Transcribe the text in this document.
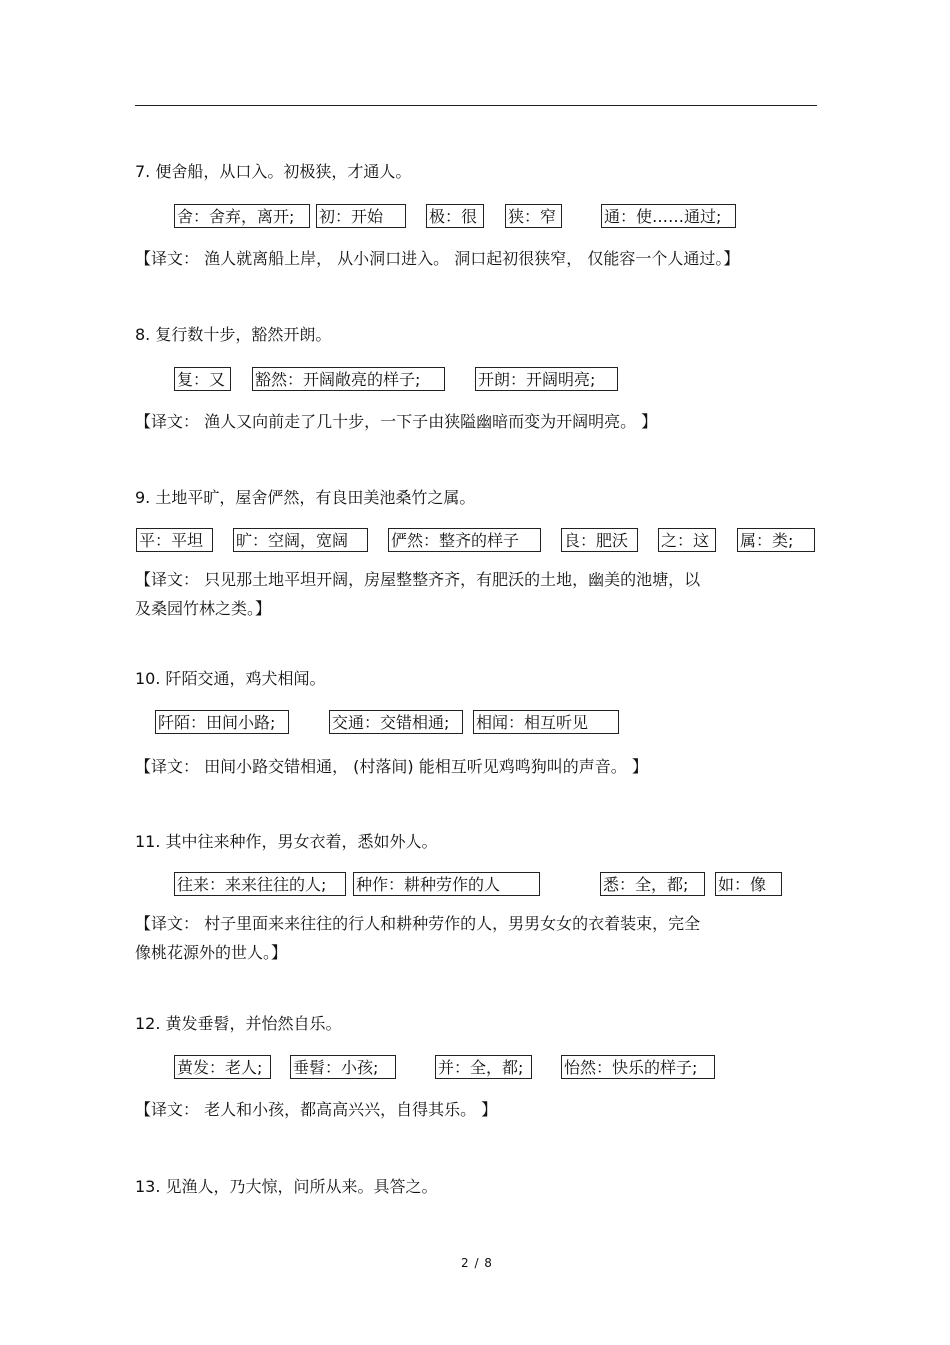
7. 便舍船，从口入。初极狭，才通人。
舍：舍弃，离开;	初：开始	极：很	狭：窄	通：使……通过;
【译文： 渔人就离船上岸， 从小洞口进入。 洞口起初很狭窄， 仅能容一个人通过。】
8. 复行数十步，豁然开朗。
复：又	豁然：开阔敞亮的样子;	开朗：开阔明亮;
【译文： 渔人又向前走了几十步，一下子由狭隘幽暗而变为开阔明亮。 】
9. 土地平旷，屋舍俨然，有良田美池桑竹之属。
平：平坦	旷：空阔，宽阔	俨然：整齐的样子	良：肥沃	之：这	属：类;
【译文： 只见那土地平坦开阔，房屋整整齐齐，有肥沃的土地，幽美的池塘，以
及桑园竹林之类。】
10. 阡陌交通，鸡犬相闻。
阡陌：田间小路;	交通：交错相通;	相闻：相互听见
【译文： 田间小路交错相通， (村落间) 能相互听见鸡鸣狗叫的声音。 】
11. 其中往来种作，男女衣着，悉如外人。
往来：来来往往的人;	种作：耕种劳作的人	悉：全，都;	如：像
【译文： 村子里面来来往往的行人和耕种劳作的人，男男女女的衣着装束，完全
像桃花源外的世人。】
12. 黄发垂髫，并怡然自乐。
黄发：老人;	垂髫：小孩;	并：全，都;	怡然：快乐的样子;
【译文： 老人和小孩，都高高兴兴，自得其乐。 】
13. 见渔人，乃大惊，问所从来。具答之。
2 / 8
